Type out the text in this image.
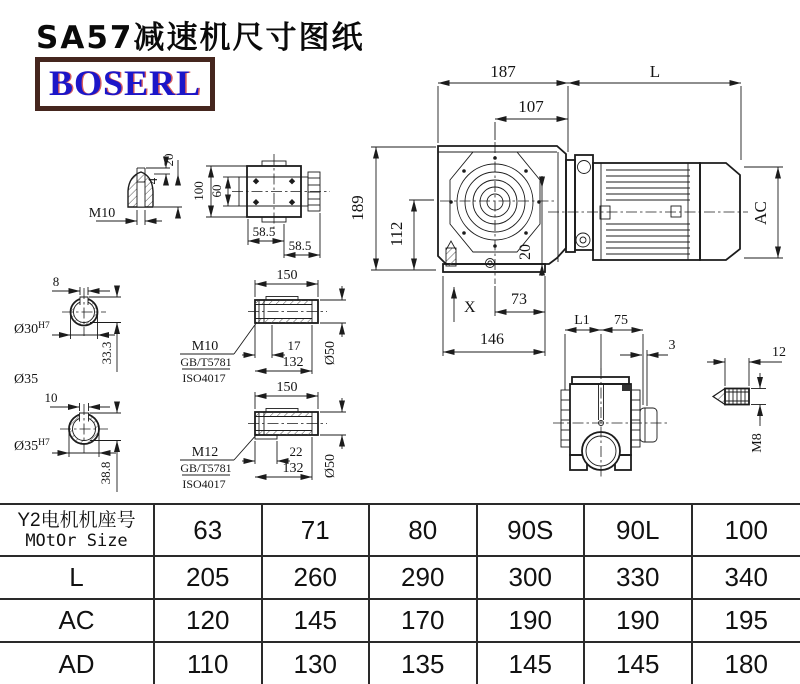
187	L
107
189
112
20
73
146
X
AC
M10
4
20
100 60
58.5
58.5
8
$Ø30^{H7}$
33.3
Ø35
150
17
132 Ø50
M10
GB/T5781
ISO4017
10
$Ø35^{H7}$
38.8
150
22
132 Ø50
M12
GB/T5781
ISO4017
L1 75
3	12
M8
SA57减速机尺寸图纸
BOSERL
Y2电机机座号
MOtOr Size	63	71	80	90S	90L	100
L	205	260	290	300	330	340
AC	120	145	170	190	190	195
AD	110	130	135	145	145	180
